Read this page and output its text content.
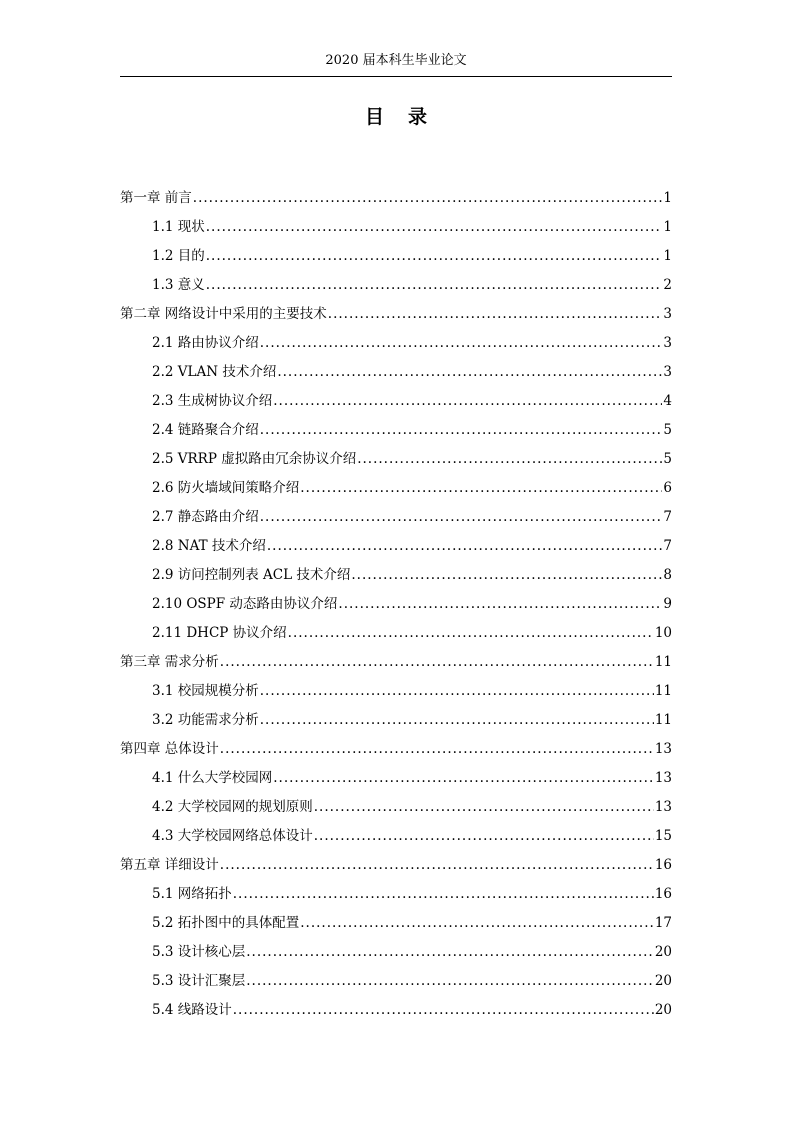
2020 届本科生毕业论文
目录
第一章 前言 .....	1
1.1 现状 .....	1
1.2 目的 .....	1
1.3 意义 .....	2
第二章 网络设计中采用的主要技术 .....	3
2.1 路由协议介绍 .....	3
2.2 VLAN 技术介绍 .....	3
2.3 生成树协议介绍 .....	4
2.4 链路聚合介绍 .....	5
2.5 VRRP 虚拟路由冗余协议介绍 .....	5
2.6 防火墙域间策略介绍 .....	6
2.7 静态路由介绍 .....	7
2.8 NAT 技术介绍 .....	7
2.9 访问控制列表 ACL 技术介绍 .....	8
2.10 OSPF 动态路由协议介绍 .....	9
2.11 DHCP 协议介绍 .....	10
第三章 需求分析 .....	11
3.1 校园规模分析 .....	11
3.2 功能需求分析 .....	11
第四章 总体设计 .....	13
4.1 什么大学校园网 .....	13
4.2 大学校园网的规划原则 .....	13
4.3 大学校园网络总体设计 .....	15
第五章 详细设计 .....	16
5.1 网络拓扑 .....	16
5.2 拓扑图中的具体配置 .....	17
5.3 设计核心层 .....	20
5.3 设计汇聚层 .....	20
5.4 线路设计 .....	20
